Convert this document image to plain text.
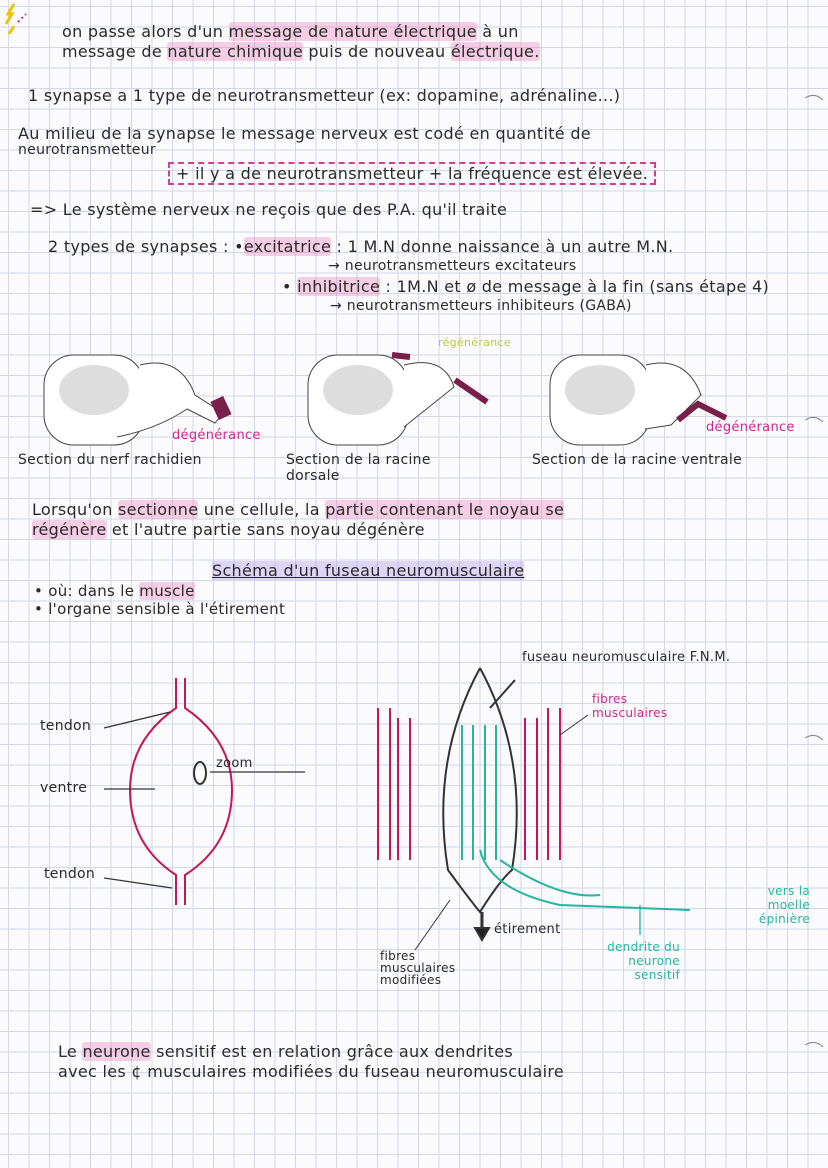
on passe alors d'un message de nature électrique à un
message de nature chimique puis de nouveau électrique.
1 synapse a 1 type de neurotransmetteur (ex: dopamine, adrénaline...)
Au milieu de la synapse le message nerveux est codé en quantité de
neurotransmetteur
+ il y a de neurotransmetteur + la fréquence est élevée.
=> Le système nerveux ne reçois que des P.A. qu'il traite
2 types de synapses : •excitatrice : 1 M.N donne naissance à un autre M.N.
→ neurotransmetteurs excitateurs
• inhibitrice : 1M.N et ø de message à la fin (sans étape 4)
→ neurotransmetteurs inhibiteurs (GABA)
dégénérance
régénérance
dégénérance
Section du nerf rachidien	Section de la racine dorsale
Section de la racine ventrale
Lorsqu'on sectionne une cellule, la partie contenant le noyau se
régénère et l'autre partie sans noyau dégénère
Schéma d'un fuseau neuromusculaire
• où: dans le muscle
• l'organe sensible à l'étirement
tendon
ventre
tendon
zoom
fuseau neuromusculaire F.N.M.
fibres musculaires
fibres musculaires modifiées
étirement
vers la moelle épinière
dendrite du neurone sensitif
Le neurone sensitif est en relation grâce aux dendrites
avec les ¢ musculaires modifiées du fuseau neuromusculaire
